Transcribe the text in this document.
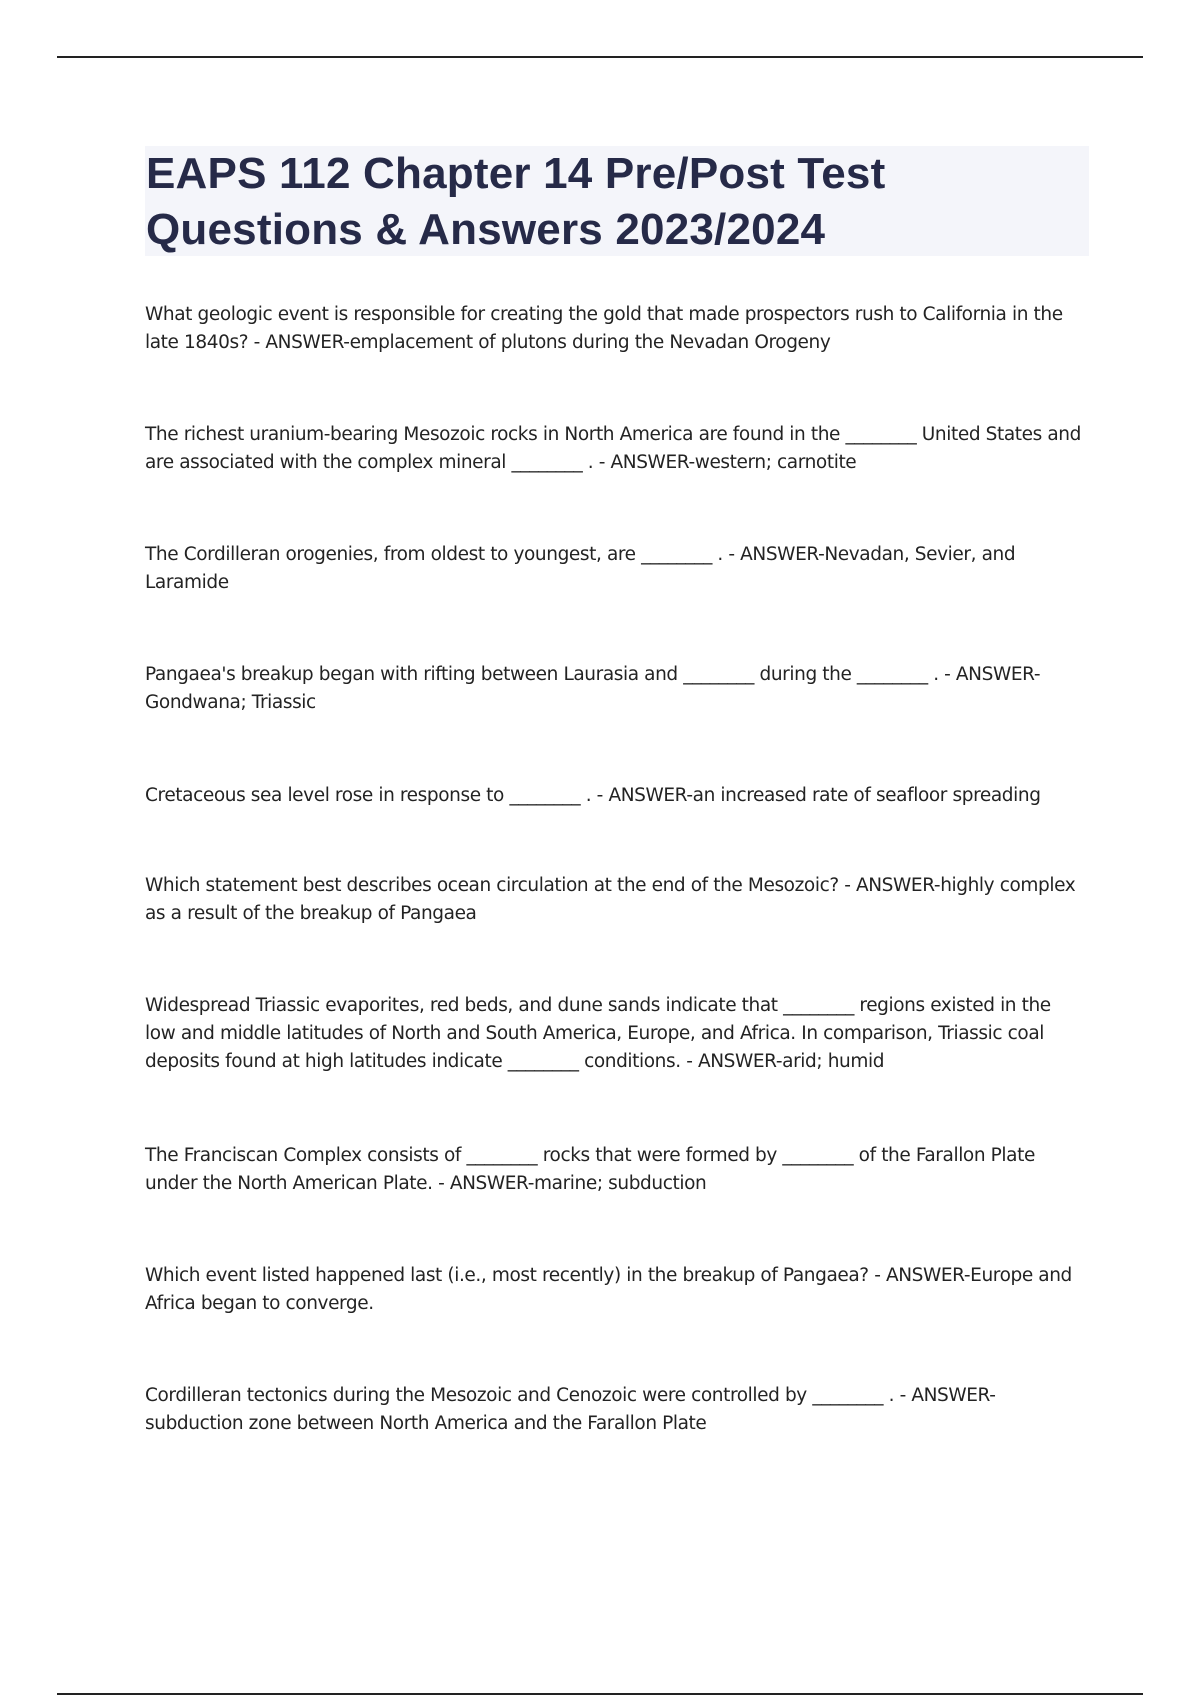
EAPS 112 Chapter 14 Pre/Post Test Questions & Answers 2023/2024

What geologic event is responsible for creating the gold that made prospectors rush to California in the late 1840s? - ANSWER-emplacement of plutons during the Nevadan Orogeny

The richest uranium-bearing Mesozoic rocks in North America are found in the ________ United States and are associated with the complex mineral ________ . - ANSWER-western; carnotite

The Cordilleran orogenies, from oldest to youngest, are ________ . - ANSWER-Nevadan, Sevier, and Laramide

Pangaea's breakup began with rifting between Laurasia and ________ during the ________ . - ANSWER-Gondwana; Triassic

Cretaceous sea level rose in response to ________ . - ANSWER-an increased rate of seafloor spreading

Which statement best describes ocean circulation at the end of the Mesozoic? - ANSWER-highly complex as a result of the breakup of Pangaea

Widespread Triassic evaporites, red beds, and dune sands indicate that ________ regions existed in the low and middle latitudes of North and South America, Europe, and Africa. In comparison, Triassic coal deposits found at high latitudes indicate ________ conditions. - ANSWER-arid; humid

The Franciscan Complex consists of ________ rocks that were formed by ________ of the Farallon Plate under the North American Plate. - ANSWER-marine; subduction

Which event listed happened last (i.e., most recently) in the breakup of Pangaea? - ANSWER-Europe and Africa began to converge.

Cordilleran tectonics during the Mesozoic and Cenozoic were controlled by ________ . - ANSWER-subduction zone between North America and the Farallon Plate
